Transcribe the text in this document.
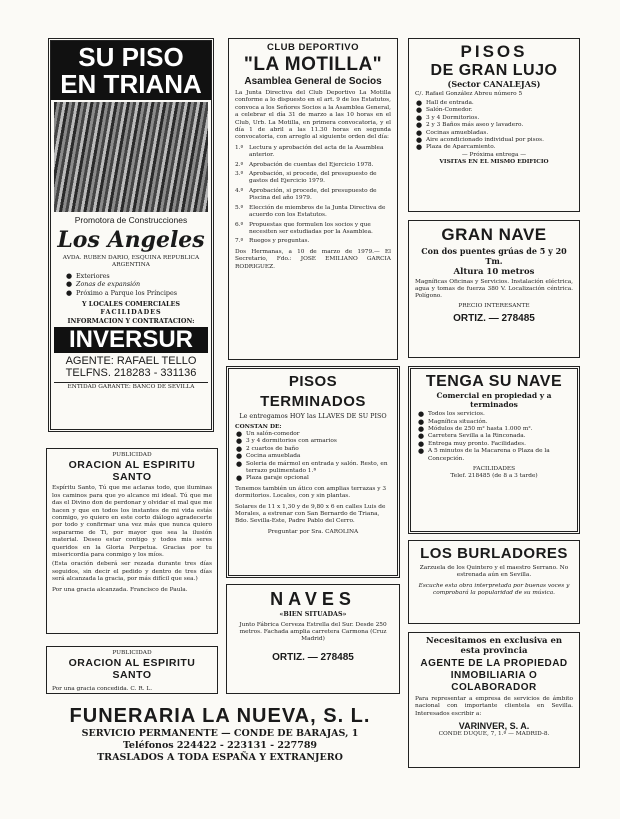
SU PISO
EN TRIANA
Promotora de Construcciones
Los Angeles
AVDA. RUBEN DARIO, ESQUINA REPUBLICA ARGENTINA
● Exteriores
● Zonas de expansión
● Próximo a Parque los Príncipes
Y LOCALES COMERCIALES
FACILIDADES
INFORMACION Y CONTRATACION:
INVERSUR
AGENTE: RAFAEL TELLO
TELFNS. 218283 - 331136
ENTIDAD GARANTE: BANCO DE SEVILLA
PUBLICIDAD
ORACION AL ESPIRITU SANTO

Espíritu Santo, Tú que me aclaras todo, que iluminas los caminos para que yo alcance mi ideal. Tú que me das el Divino don de perdonar y olvidar el mal que me hacen y que en todos los instantes de mi vida estás conmigo, yo quiero en este corto diálogo agradecerte por todo y confirmar una vez más que nunca quiero separarme de Ti, por mayor que sea la ilusión material. Deseo estar contigo y todos mis seres queridos en la Gloria Perpetua. Gracias por tu misericordia para conmigo y los míos.

(Esta oración deberá ser rezada durante tres días seguidos, sin decir el pedido y dentro de tres días será alcanzada la gracia, por más difícil que sea.)

Por una gracia alcanzada. Francisco de Paula.

PUBLICIDAD
ORACION AL ESPIRITU SANTO
Por una gracia concedida. C. R. L.
CLUB DEPORTIVO
"LA MOTILLA"
Asamblea General de Socios

La Junta Directiva del Club Deportivo La Motilla conforme a lo dispuesto en el art. 9 de los Estatutos, convoca a los Señores Socios a la Asamblea General, a celebrar el día 31 de marzo a las 10 horas en el Club, Urb. La Motilla, en primera convocatoria, y el día 1 de abril a las 11.30 horas en segunda convocatoria, con arreglo al siguiente orden del día:

1.º Lectura y aprobación del acta de la Asamblea anterior.
2.º Aprobación de cuentas del Ejercicio 1978.
3.º Aprobación, si procede, del presupuesto de gastos del Ejercicio 1979.
4.º Aprobación, si procede, del presupuesto de Piscina del año 1979.
5.º Elección de miembros de la Junta Directiva de acuerdo con los Estatutos.
6.º Propuestas que formulen los socios y que necesiten ser estudiadas por la Asamblea.
7.º Ruegos y preguntas.

Dos Hermanas, a 10 de marzo de 1979.— El Secretario, Fdo.: JOSE EMILIANO GARCIA RODRIGUEZ.

PISOS TERMINADOS
Le entregamos HOY las LLAVES DE SU PISO
CONSTAN DE:
● Un salón-comedor
● 3 y 4 dormitorios con armarios
● 2 cuartos de baño
● Cocina amueblada
● Soleria de mármol en entrada y salón. Resto, en terrazo pulimentado 1.ª
● Plaza garaje opcional

Tenemos también un ático con amplias terrazas y 3 dormitorios. Locales, con y sin plantas.

Solares de 11 x 1,30 y de 9,80 x 6 en calles Luis de Morales, a estrenar con San Bernardo de Triana, Bdo. Sevilla-Este, Padre Pablo del Cerro.

Preguntar por Sra. CAROLINA
NAVES
«BIEN SITUADAS»

Junto Fábrica Cerveza Estrella del Sur. Desde 250 metros. Fachada amplia carretera Carmona (Cruz Madrid)

ORTIZ. — 278485
PISOS
DE GRAN LUJO
(Sector CANALEJAS)
C/. Rafael González Abreu número 5
● Hall de entrada.
● Salón-Comedor.
● 3 y 4 Dormitorios.
● 2 y 3 Baños más aseo y lavadero.
● Cocinas amuebladas.
● Aire acondicionado individual por pisos.
● Plaza de Aparcamiento.
— Próxima entrega —
VISITAS EN EL MISMO EDIFICIO
GRAN NAVE
Con dos puentes grúas de 5 y 20 Tm.
Altura 10 metros

Magníficas Oficinas y Servicios. Instalación eléctrica, agua y tomas de fuerza 380 V. Localización céntrica. Polígono.

PRECIO INTERESANTE
ORTIZ. — 278485
TENGA SU NAVE
Comercial en propiedad y a terminados
● Todos los servicios.
● Magnífica situación.
● Módulos de 250 m² hasta 1.000 m².
● Carretera Sevilla a la Rinconada.
● Entrega muy pronto. Facilidades.
● A 5 minutos de la Macarena o Plaza de la Concepción.
FACILIDADES
Telef. 218485 (de 8 a 3 tarde)
LOS BURLADORES

Zarzuela de los Quintero y el maestro Serrano. No estrenada aún en Sevilla.

Escuche esta obra interpretada por buenas voces y comprobará la popularidad de su música.

Necesitamos en exclusiva en esta provincia
AGENTE DE LA PROPIEDAD INMOBILIARIA O COLABORADOR

Para representar a empresa de servicios de ámbito nacional con importante clientela en Sevilla. Interesados escribir a:

VARINVER, S. A.
CONDE DUQUE, 7, 1.º — MADRID-8.
FUNERARIA LA NUEVA, S. L.
SERVICIO PERMANENTE — CONDE DE BARAJAS, 1
Teléfonos 224422 - 223131 - 227789
TRASLADOS A TODA ESPAÑA Y EXTRANJERO
